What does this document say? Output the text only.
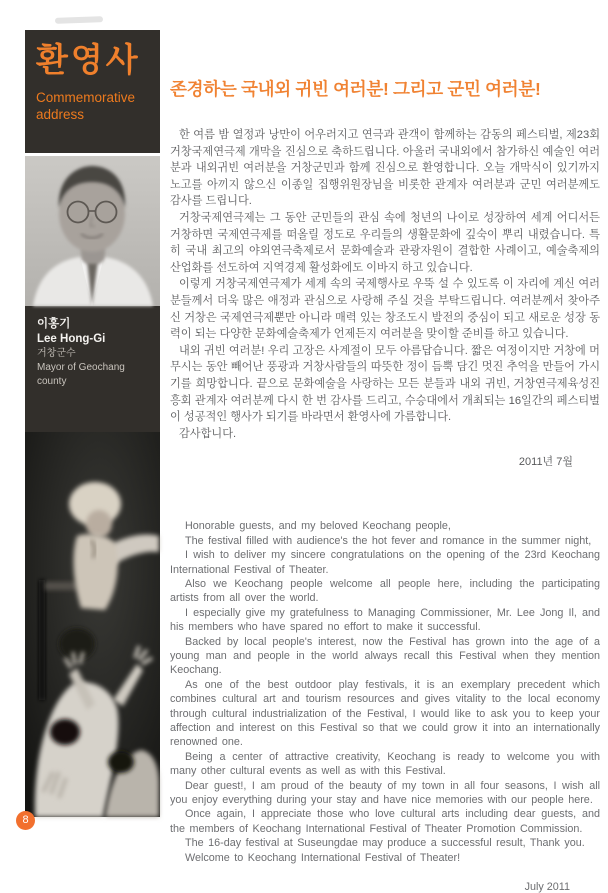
환영사
Commemorative address
이홍기
Lee Hong-Gi
거창군수
Mayor of Geochang county
8
존경하는 국내외 귀빈 여러분! 그리고 군민 여러분!

한 여름 밤 열정과 낭만이 어우러지고 연극과 관객이 함께하는 감동의 페스티벌, 제23회 거창국제연극제 개막을 진심으로 축하드립니다. 아울러 국내외에서 참가하신 예술인 여러분과 내외귀빈 여러분을 거창군민과 함께 진심으로 환영합니다. 오늘 개막식이 있기까지 노고를 아끼지 않으신 이종일 집행위원장님을 비롯한 관계자 여러분과 군민 여러분께도 감사를 드립니다.

거창국제연극제는 그 동안 군민들의 관심 속에 청년의 나이로 성장하여 세계 어디서든 거창하면 국제연극제를 떠올릴 정도로 우리들의 생활문화에 깊숙이 뿌리 내렸습니다. 특히 국내 최고의 야외연극축제로서 문화예술과 관광자원이 결합한 사례이고, 예술축제의 산업화를 선도하여 지역경제 활성화에도 이바지 하고 있습니다.

이렇게 거창국제연극제가 세계 속의 국제행사로 우뚝 설 수 있도록 이 자리에 계신 여러분들께서 더욱 많은 애정과 관심으로 사랑해 주실 것을 부탁드립니다. 여러분께서 찾아주신 거창은 국제연극제뿐만 아니라 매력 있는 창조도시 발전의 중심이 되고 새로운 성장 동력이 되는 다양한 문화예술축제가 언제든지 여러분을 맞이할 준비를 하고 있습니다.

내외 귀빈 여러분! 우리 고장은 사계절이 모두 아름답습니다. 짧은 여정이지만 거창에 머무시는 동안 빼어난 풍광과 거창사람들의 따뜻한 정이 듬뿍 담긴 멋진 추억을 만들어 가시기를 희망합니다. 끝으로 문화예술을 사랑하는 모든 분들과 내외 귀빈, 거창연극제육성진흥회 관계자 여러분께 다시 한 번 감사를 드리고, 수승대에서 개최되는 16일간의 페스티벌이 성공적인 행사가 되기를 바라면서 환영사에 가름합니다.

감사합니다.

2011년 7월

Honorable guests, and my beloved Keochang people,

The festival filled with audience's the hot fever and romance in the summer night,

I wish to deliver my sincere congratulations on the opening of the 23rd Keochang International Festival of Theater.

Also we Keochang people welcome all people here, including the participating artists from all over the world.

I especially give my gratefulness to Managing Commissioner, Mr. Lee Jong Il, and his members who have spared no effort to make it successful.

Backed by local people's interest, now the Festival has grown into the age of a young man and people in the world always recall this Festival when they mention Keochang.

As one of the best outdoor play festivals, it is an exemplary precedent which combines cultural art and tourism resources and gives vitality to the local economy through cultural industrialization of the Festival, I would like to ask you to keep your affection and interest on this Festival so that we could grow it into an internationally renowned one.

Being a center of attractive creativity, Keochang is ready to welcome you with many other cultural events as well as with this Festival.

Dear guest!, I am proud of the beauty of my town in all four seasons, I wish all you enjoy everything during your stay and have nice memories with our people here.

Once again, I appreciate those who love cultural arts including dear guests, and the members of Keochang International Festival of Theater Promotion Commission.

The 16-day festival at Suseungdae may produce a successful result, Thank you.

Welcome to Keochang International Festival of Theater!

July 2011
